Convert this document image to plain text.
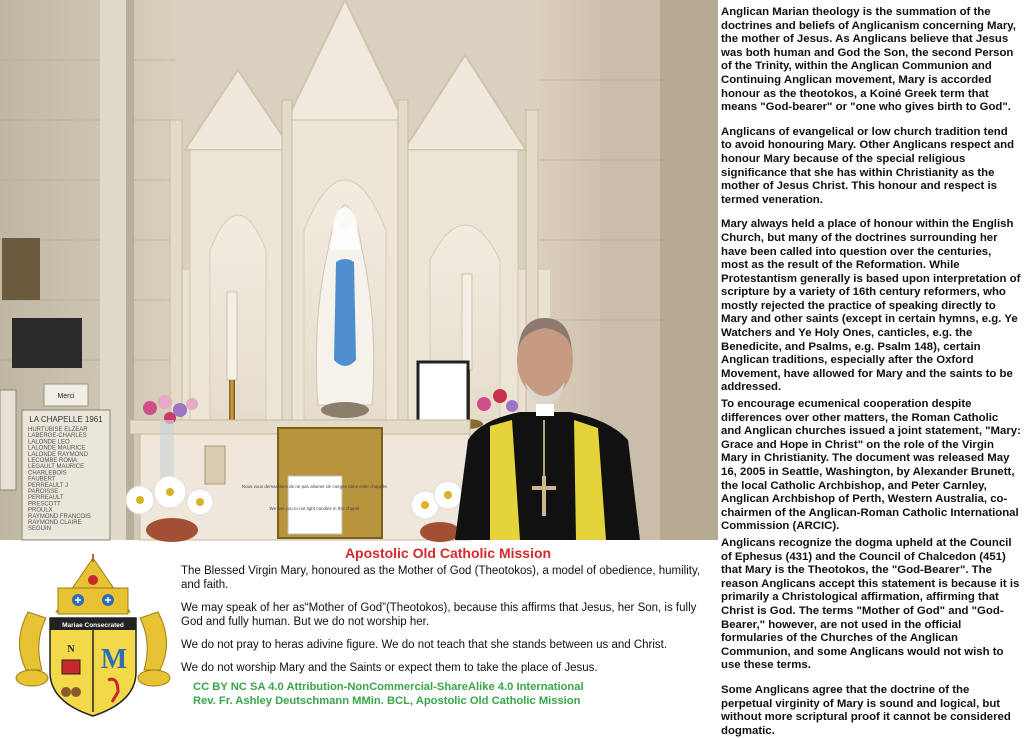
Merci
LA CHAPELLE 1961
HURTUBISE ELZEAR
LABERGE-CHARLES
LALONDE LEO
LALONDE MAURICE
LALONDE RAYMOND
LECOMBE ROMA
LEGAULT MAURICE
CHARLEBOIS
FAUBERT
PERREAULT J
PAROISSE
PERREAULT
PRESCOTT
PROULX
RAYMOND FRANCOIS
RAYMOND CLAIRE
SEGUIN
Nous vous demandons de ne pas allumer de cierges dans cette chapelle.
We ask you to not light candles in this chapel.

Anglican Marian theology is the summation of the doctrines and beliefs of Anglicanism concerning Mary, the mother of Jesus. As Anglicans believe that Jesus was both human and God the Son, the second Person of the Trinity, within the Anglican Communion and Continuing Anglican movement, Mary is accorded honour as the theotokos, a Koiné Greek term that means "God-bearer" or "one who gives birth to God".

Anglicans of evangelical or low church tradition tend to avoid honouring Mary. Other Anglicans respect and honour Mary because of the special religious significance that she has within Christianity as the mother of Jesus Christ. This honour and respect is termed veneration.

Mary always held a place of honour within the English Church, but many of the doctrines surrounding her have been called into question over the centuries, most as the result of the Reformation. While Protestantism generally is based upon interpretation of scripture by a variety of 16th century reformers, who mostly rejected the practice of speaking directly to Mary and other saints (except in certain hymns, e.g. Ye Watchers and Ye Holy Ones, canticles, e.g. the Benedicite, and Psalms, e.g. Psalm 148), certain Anglican traditions, especially after the Oxford Movement, have allowed for Mary and the saints to be addressed.

To encourage ecumenical cooperation despite differences over other matters, the Roman Catholic and Anglican churches issued a joint statement, "Mary: Grace and Hope in Christ" on the role of the Virgin Mary in Christianity. The document was released May 16, 2005 in Seattle, Washington, by Alexander Brunett, the local Catholic Archbishop, and Peter Carnley, Anglican Archbishop of Perth, Western Australia, co-chairmen of the Anglican-Roman Catholic International Commission (ARCIC).

Anglicans recognize the dogma upheld at the Council of Ephesus (431) and the Council of Chalcedon (451) that Mary is the Theotokos, the "God-Bearer". The reason Anglicans accept this statement is because it is primarily a Christological affirmation, affirming that Christ is God. The terms "Mother of God" and "God-Bearer," however, are not used in the official formularies of the Churches of the Anglican Communion, and some Anglicans would not wish to use these terms.

Some Anglicans agree that the doctrine of the perpetual virginity of Mary is sound and logical, but without more scriptural proof it cannot be considered dogmatic.

Mariae Consecrated
N M
Apostolic Old Catholic Mission

The Blessed Virgin Mary, honoured as the Mother of God (Theotokos), a model of obedience, humility, and faith.

We may speak of her as“Mother of God”(Theotokos), because this affirms that Jesus, her Son, is fully God and fully human. But we do not worship her.

We do not pray to heras adivine figure. We do not teach that she stands between us and Christ.

We do not worship Mary and the Saints or expect them to take the place of Jesus.

CC BY NC SA 4.0 Attribution-NonCommercial-ShareAlike 4.0 International
Rev. Fr. Ashley Deutschmann MMin. BCL, Apostolic Old Catholic Mission
